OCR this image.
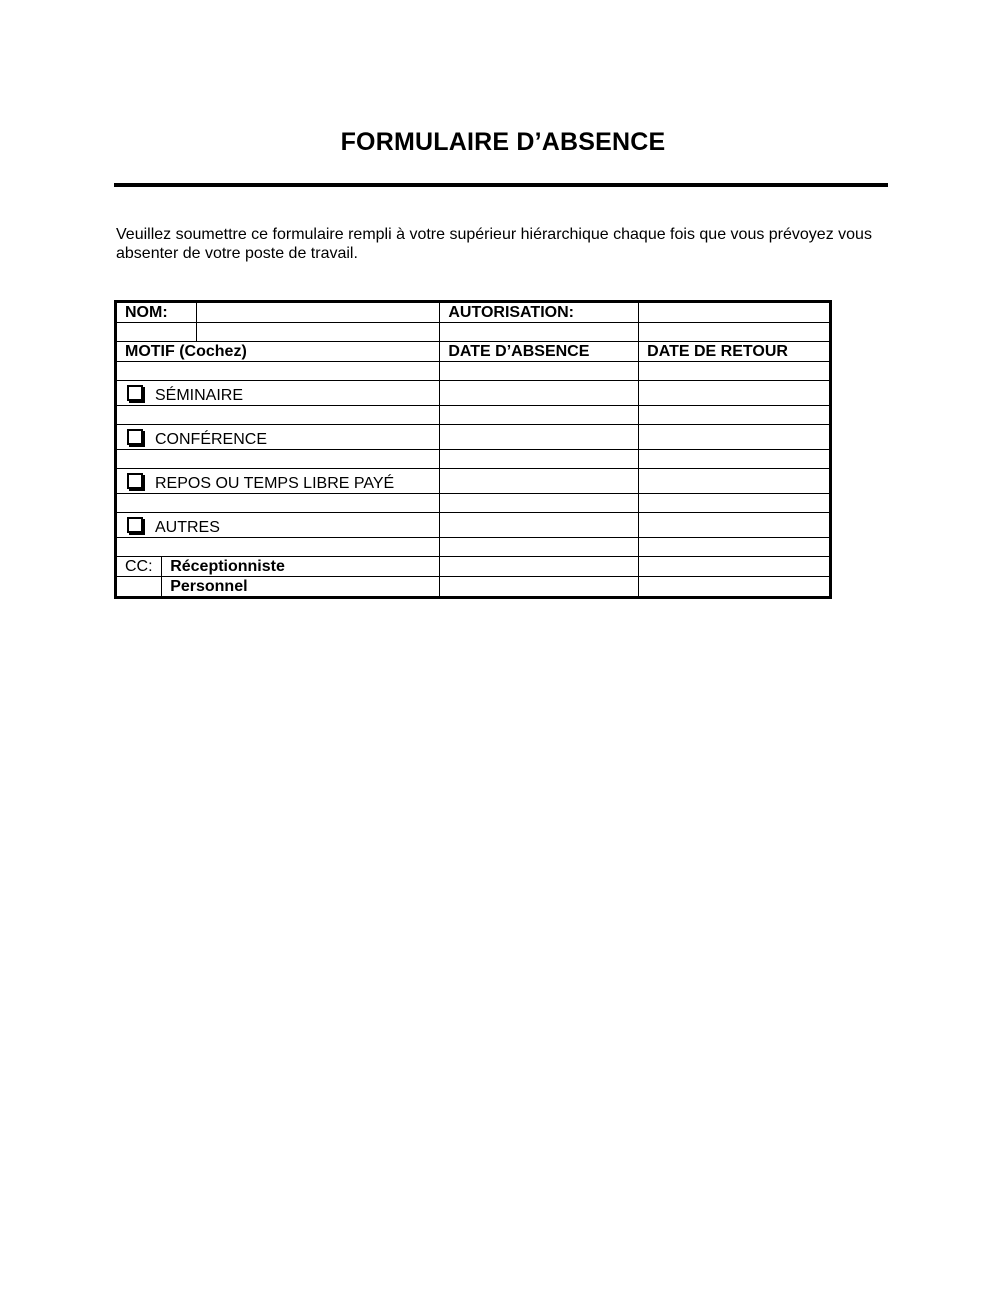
FORMULAIRE D’ABSENCE

Veuillez soumettre ce formulaire rempli à votre supérieur hiérarchique chaque fois que vous prévoyez vous absenter de votre poste de travail.

NOM:			AUTORISATION:	

MOTIF (Cochez)			DATE D’ABSENCE	DATE DE RETOUR

SÉMINAIRE				

CONFÉRENCE				

REPOS OU TEMPS LIBRE PAYÉ				

AUTRES				

CC:	Réceptionniste			
	Personnel			
